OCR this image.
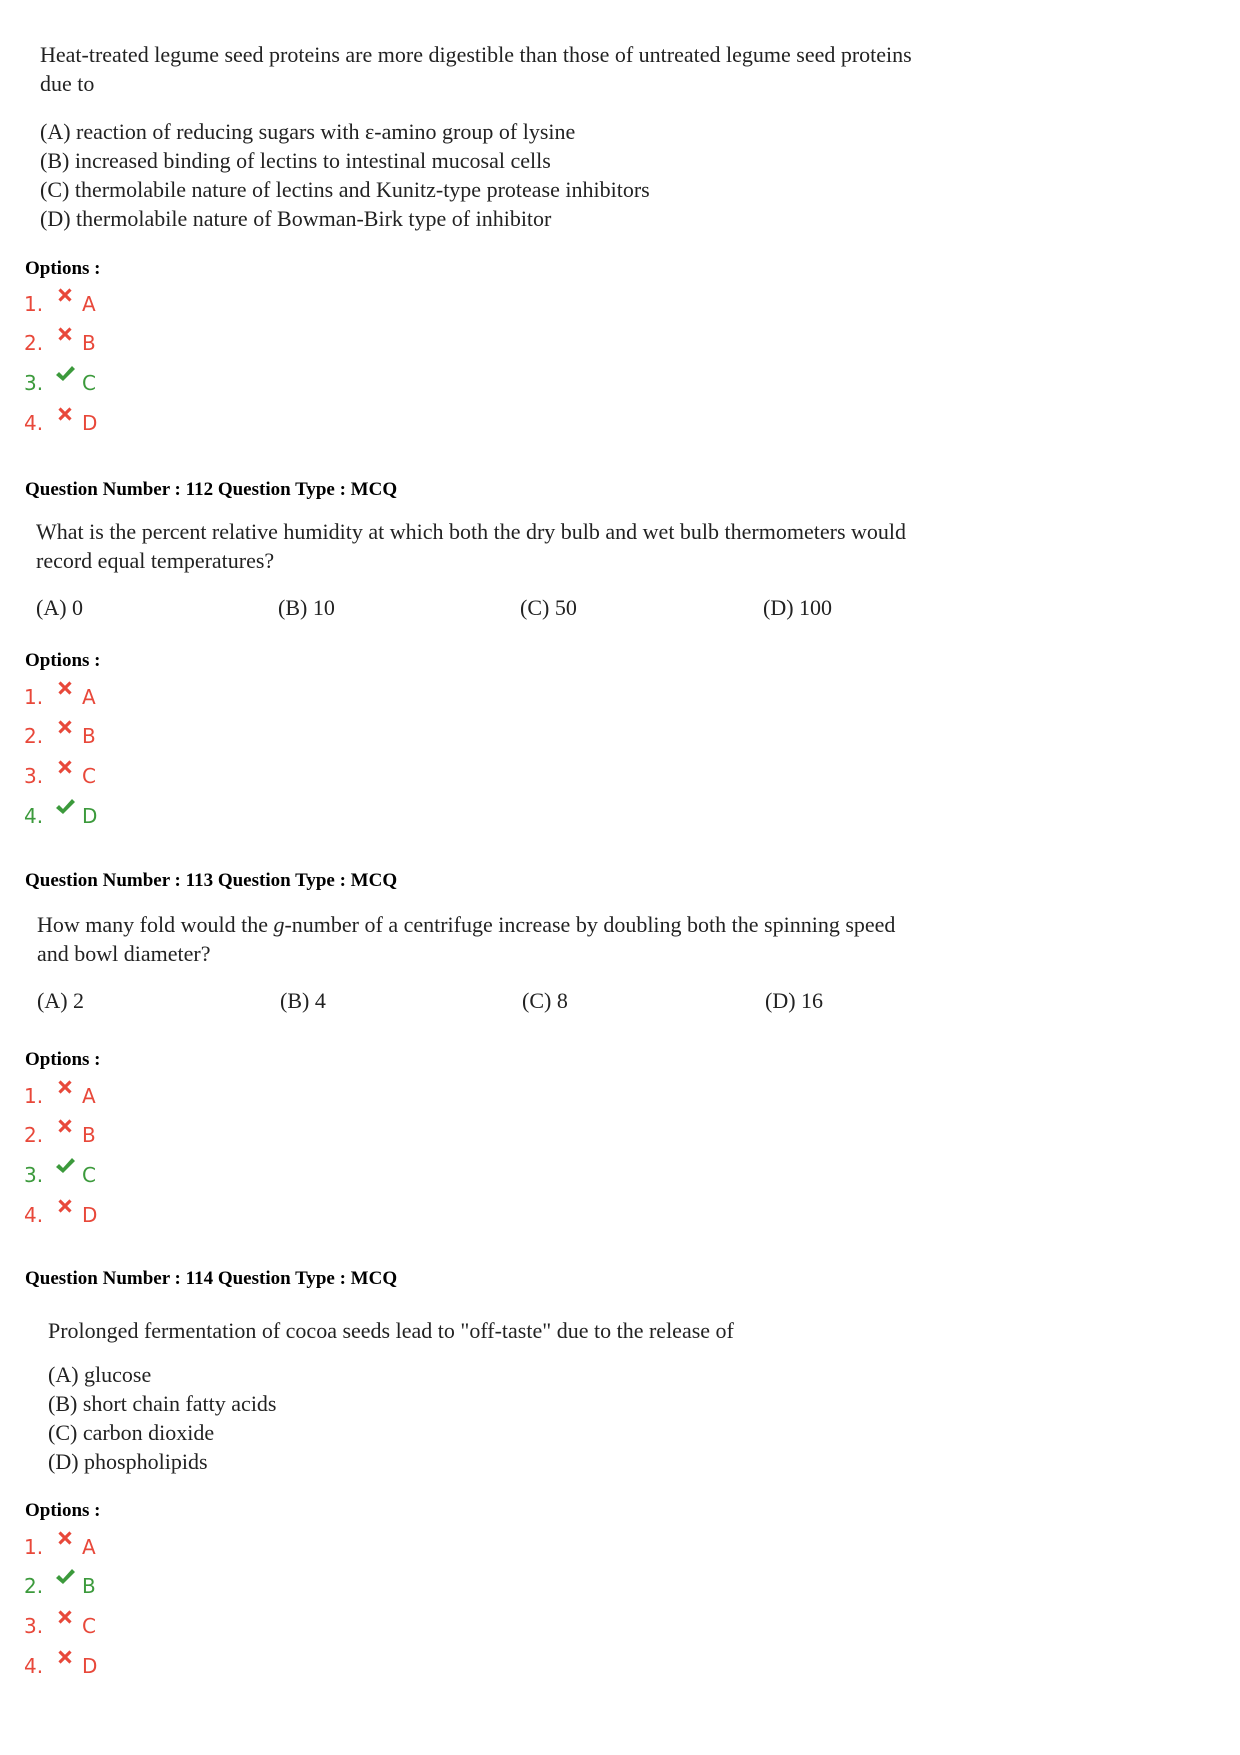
Heat-treated legume seed proteins are more digestible than those of untreated legume seed proteins
due to
(A) reaction of reducing sugars with ε-amino group of lysine
(B) increased binding of lectins to intestinal mucosal cells
(C) thermolabile nature of lectins and Kunitz-type protease inhibitors
(D) thermolabile nature of Bowman-Birk type of inhibitor
Options :
1. A
2. B
3. C
4. D
Question Number : 112 Question Type : MCQ
What is the percent relative humidity at which both the dry bulb and wet bulb thermometers would
record equal temperatures?
(A) 0	(B) 10	(C) 50	(D) 100
Options :
1. A
2. B
3. C
4. D
Question Number : 113 Question Type : MCQ
How many fold would the g-number of a centrifuge increase by doubling both the spinning speed
and bowl diameter?
(A) 2	(B) 4	(C) 8	(D) 16
Options :
1. A
2. B
3. C
4. D
Question Number : 114 Question Type : MCQ
Prolonged fermentation of cocoa seeds lead to "off-taste" due to the release of
(A) glucose
(B) short chain fatty acids
(C) carbon dioxide
(D) phospholipids
Options :
1. A
2. B
3. C
4. D
